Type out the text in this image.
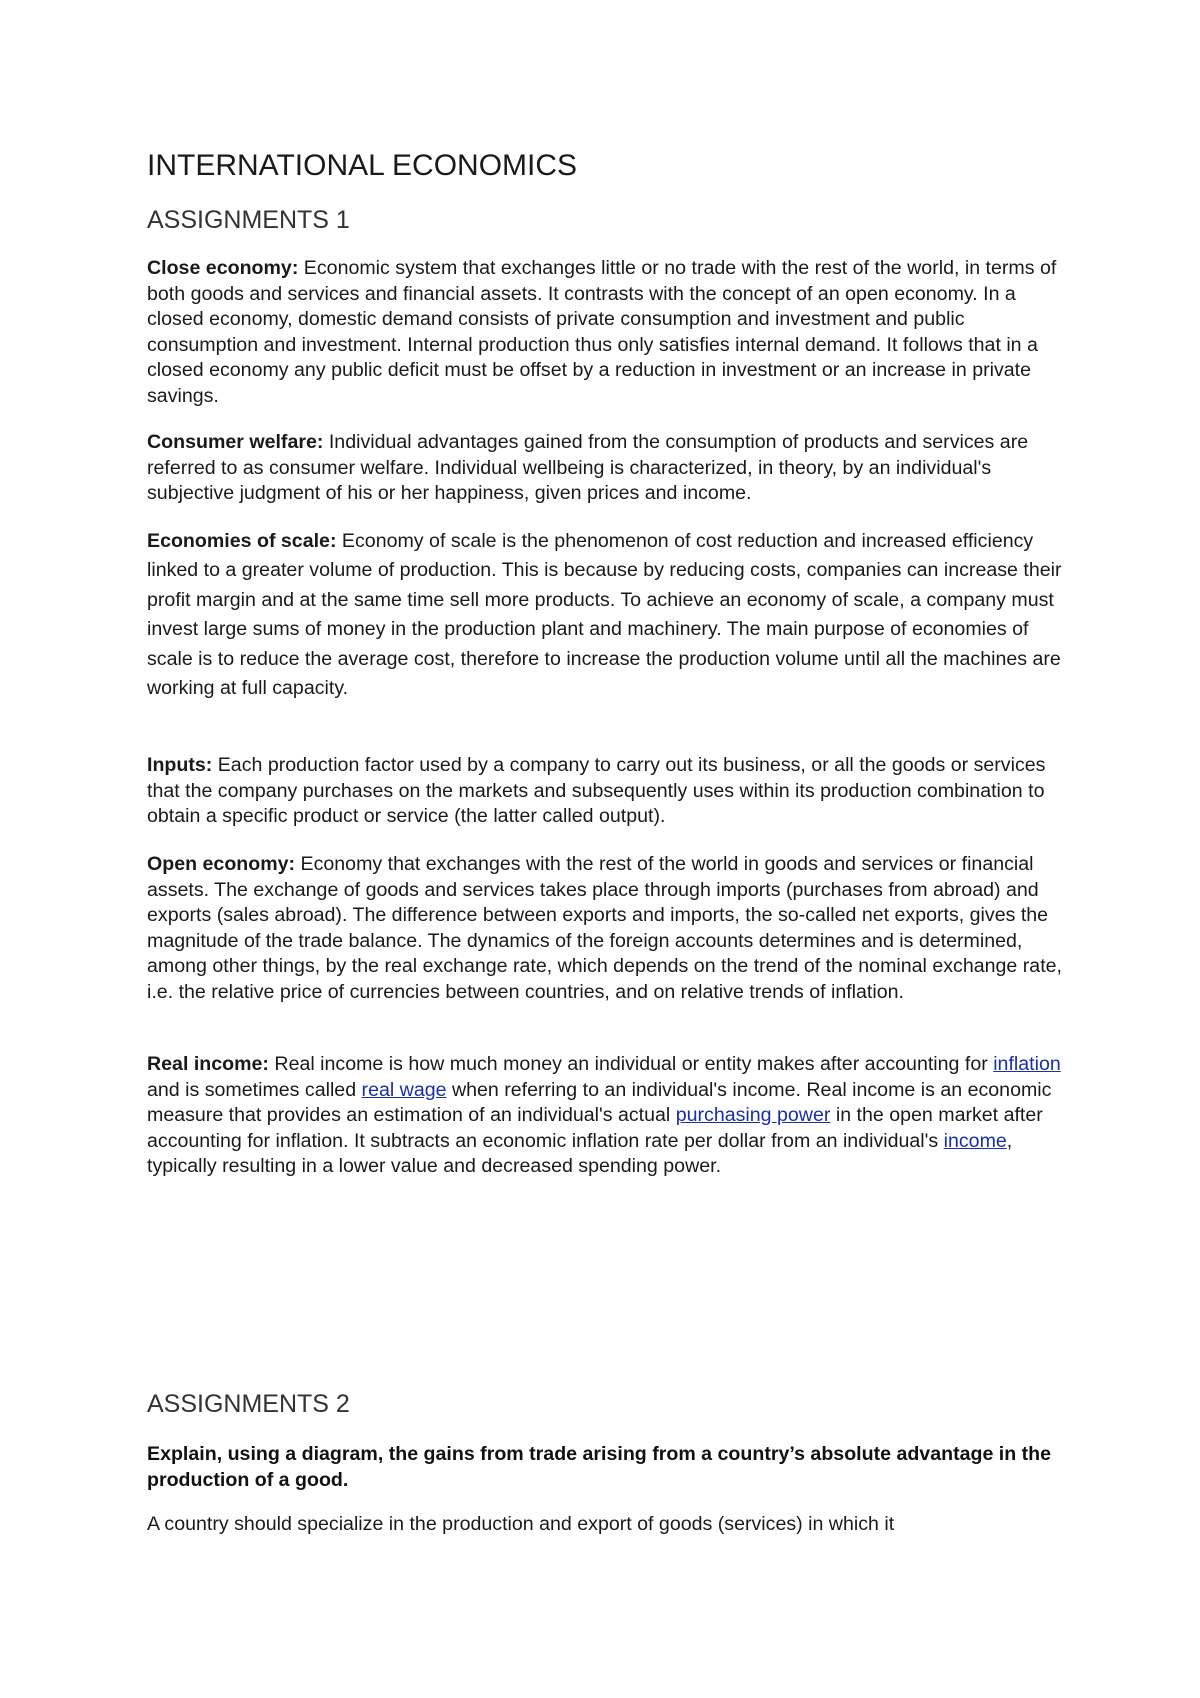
INTERNATIONAL ECONOMICS
ASSIGNMENTS 1

Close economy: Economic system that exchanges little or no trade with the rest of the world, in terms of both goods and services and financial assets. It contrasts with the concept of an open economy. In a closed economy, domestic demand consists of private consumption and investment and public consumption and investment. Internal production thus only satisfies internal demand. It follows that in a closed economy any public deficit must be offset by a reduction in investment or an increase in private savings.

Consumer welfare: Individual advantages gained from the consumption of products and services are referred to as consumer welfare. Individual wellbeing is characterized, in theory, by an individual's subjective judgment of his or her happiness, given prices and income.

Economies of scale: Economy of scale is the phenomenon of cost reduction and increased efficiency linked to a greater volume of production. This is because by reducing costs, companies can increase their profit margin and at the same time sell more products. To achieve an economy of scale, a company must invest large sums of money in the production plant and machinery. The main purpose of economies of scale is to reduce the average cost, therefore to increase the production volume until all the machines are working at full capacity.

Inputs: Each production factor used by a company to carry out its business, or all the goods or services that the company purchases on the markets and subsequently uses within its production combination to obtain a specific product or service (the latter called output).

Open economy: Economy that exchanges with the rest of the world in goods and services or financial assets. The exchange of goods and services takes place through imports (purchases from abroad) and exports (sales abroad). The difference between exports and imports, the so-called net exports, gives the magnitude of the trade balance. The dynamics of the foreign accounts determines and is determined, among other things, by the real exchange rate, which depends on the trend of the nominal exchange rate, i.e. the relative price of currencies between countries, and on relative trends of inflation.

Real income: Real income is how much money an individual or entity makes after accounting for inflation and is sometimes called real wage when referring to an individual's income. Real income is an economic measure that provides an estimation of an individual's actual purchasing power in the open market after accounting for inflation. It subtracts an economic inflation rate per dollar from an individual's income, typically resulting in a lower value and decreased spending power.

ASSIGNMENTS 2

Explain, using a diagram, the gains from trade arising from a country’s absolute advantage in the production of a good.

A country should specialize in the production and export of goods (services) in which it
